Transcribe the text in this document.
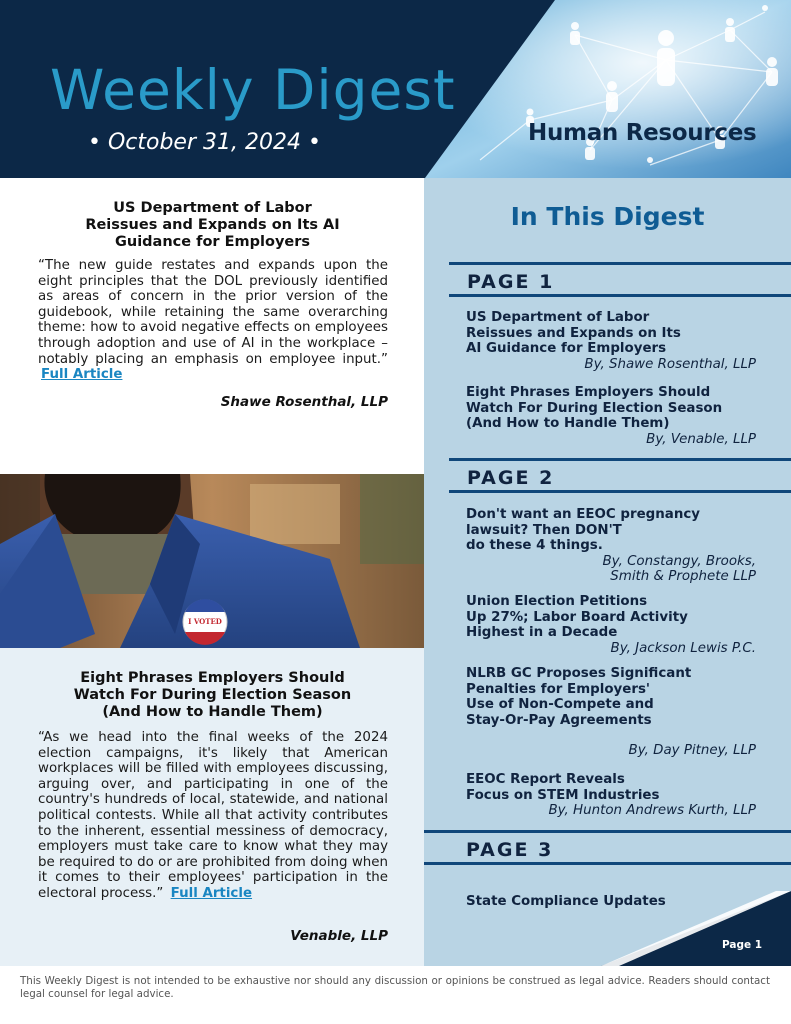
Weekly Digest
• October 31, 2024 •	Human Resources
US Department of Labor
Reissues and Expands on Its AI
Guidance for Employers
“The new guide restates and expands upon the eight principles that the DOL previously identified as areas of concern in the prior version of the guidebook, while retaining the same overarching theme: how to avoid negative effects on employees through adoption and use of AI in the workplace – notably placing an emphasis on employee input.” Full Article
Shawe Rosenthal, LLP
I VOTED
Eight Phrases Employers Should
Watch For During Election Season
(And How to Handle Them)
“As we head into the final weeks of the 2024 election campaigns, it's likely that American workplaces will be filled with employees discussing, arguing over, and participating in one of the country's hundreds of local, statewide, and national political contests. While all that activity contributes to the inherent, essential messiness of democracy, employers must take care to know what they may be required to do or are prohibited from doing when it comes to their employees' participation in the electoral process.” Full Article
Venable, LLP
In This Digest
PAGE 1
US Department of Labor
Reissues and Expands on Its
AI Guidance for Employers
By, Shawe Rosenthal, LLP
Eight Phrases Employers Should
Watch For During Election Season
(And How to Handle Them)
By, Venable, LLP
PAGE 2
Don't want an EEOC pregnancy
lawsuit? Then DON'T
do these 4 things.
By, Constangy, Brooks,
Smith & Prophete LLP
Union Election Petitions
Up 27%; Labor Board Activity
Highest in a Decade
By, Jackson Lewis P.C.
NLRB GC Proposes Significant
Penalties for Employers'
Use of Non-Compete and
Stay-Or-Pay Agreements
By, Day Pitney, LLP
EEOC Report Reveals
Focus on STEM Industries
By, Hunton Andrews Kurth, LLP
PAGE 3
State Compliance Updates
Page 1
This Weekly Digest is not intended to be exhaustive nor should any discussion or opinions be construed as legal advice. Readers should contact legal counsel for legal advice.
